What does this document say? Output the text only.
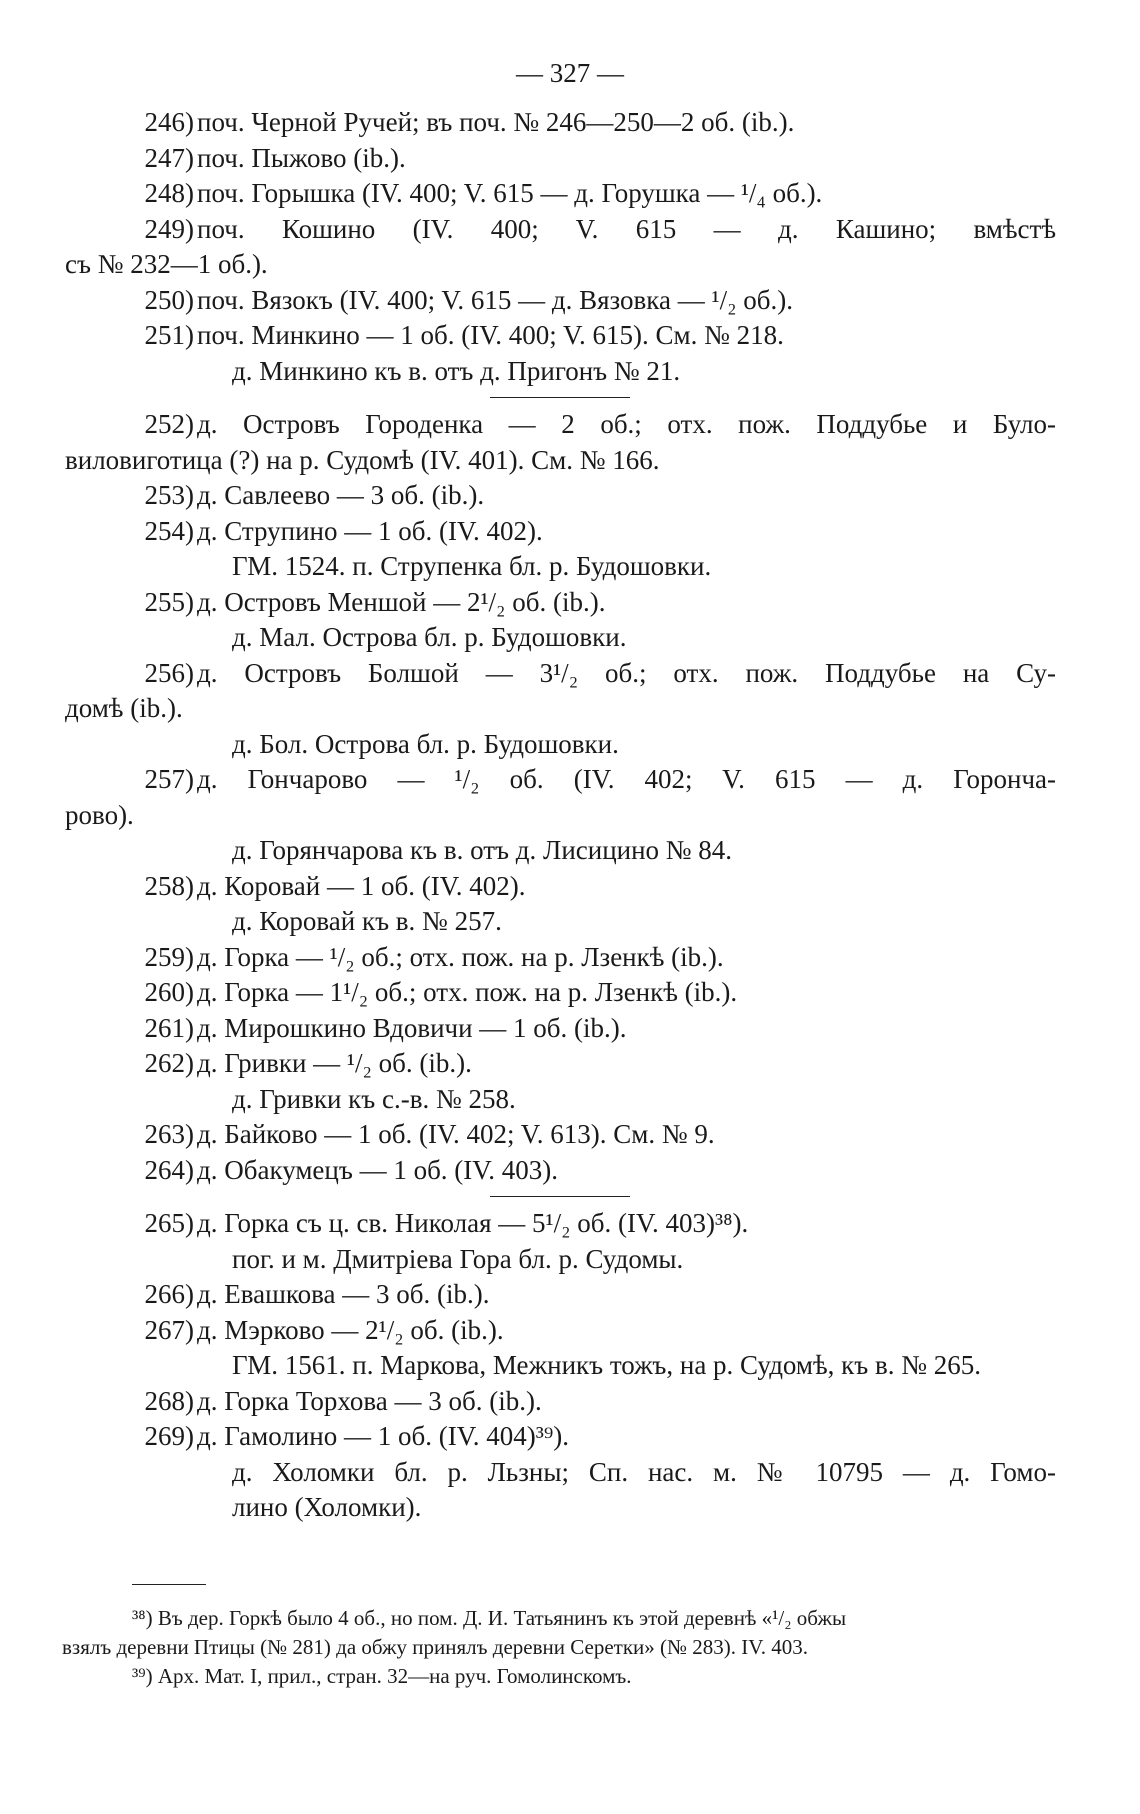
— 327 —
246) поч. Черной Ручей; въ поч. № 246—250—2 об. (ib.).
247) поч. Пыжово (ib.).
248) поч. Горышка (IV. 400; V. 615 — д. Горушка — ¹/₄ об.).
249) поч. Кошино (IV. 400; V. 615 — д. Кашино; вмѣстѣ
съ № 232—1 об.).
250) поч. Вязокъ (IV. 400; V. 615 — д. Вязовка — ¹/₂ об.).
251) поч. Минкино — 1 об. (IV. 400; V. 615). См. № 218.
д. Минкино къ в. отъ д. Пригонъ № 21.
252) д. Островъ Городенка — 2 об.; отх. пож. Поддубье и Було-
виловиготица (?) на р. Судомѣ (IV. 401). См. № 166.
253) д. Савлеево — 3 об. (ib.).
254) д. Струпино — 1 об. (IV. 402).
ГМ. 1524. п. Струпенка бл. р. Будошовки.
255) д. Островъ Меншой — 2¹/₂ об. (ib.).
д. Мал. Острова бл. р. Будошовки.
256) д. Островъ Болшой — 3¹/₂ об.; отх. пож. Поддубье на Су-
домѣ (ib.).
д. Бол. Острова бл. р. Будошовки.
257) д. Гончарово — ¹/₂ об. (IV. 402; V. 615 — д. Горонча-
рово).
д. Горянчарова къ в. отъ д. Лисицино № 84.
258) д. Коровай — 1 об. (IV. 402).
д. Коровай къ в. № 257.
259) д. Горка — ¹/₂ об.; отх. пож. на р. Лзенкѣ (ib.).
260) д. Горка — 1¹/₂ об.; отх. пож. на р. Лзенкѣ (ib.).
261) д. Мирошкино Вдовичи — 1 об. (ib.).
262) д. Гривки — ¹/₂ об. (ib.).
д. Гривки къ с.-в. № 258.
263) д. Байково — 1 об. (IV. 402; V. 613). См. № 9.
264) д. Обакумецъ — 1 об. (IV. 403).
265) д. Горка съ ц. св. Николая — 5¹/₂ об. (IV. 403)³⁸).
пог. и м. Дмитріева Гора бл. р. Судомы.
266) д. Евашкова — 3 об. (ib.).
267) д. Мэрково — 2¹/₂ об. (ib.).
ГМ. 1561. п. Маркова, Межникъ тожъ, на р. Судомѣ, къ в. № 265.
268) д. Горка Торхова — 3 об. (ib.).
269) д. Гамолино — 1 об. (IV. 404)³⁹).
д. Холомки бл. р. Льзны; Сп. нас. м. № 10795 — д. Гомо-
лино (Холомки).
³⁸) Въ дер. Горкѣ было 4 об., но пом. Д. И. Татьянинъ къ этой деревнѣ «¹/₂ обжы
взялъ деревни Птицы (№ 281) да обжу принялъ деревни Серетки» (№ 283). IV. 403.
³⁹) Арх. Мат. I, прил., стран. 32—на руч. Гомолинскомъ.
